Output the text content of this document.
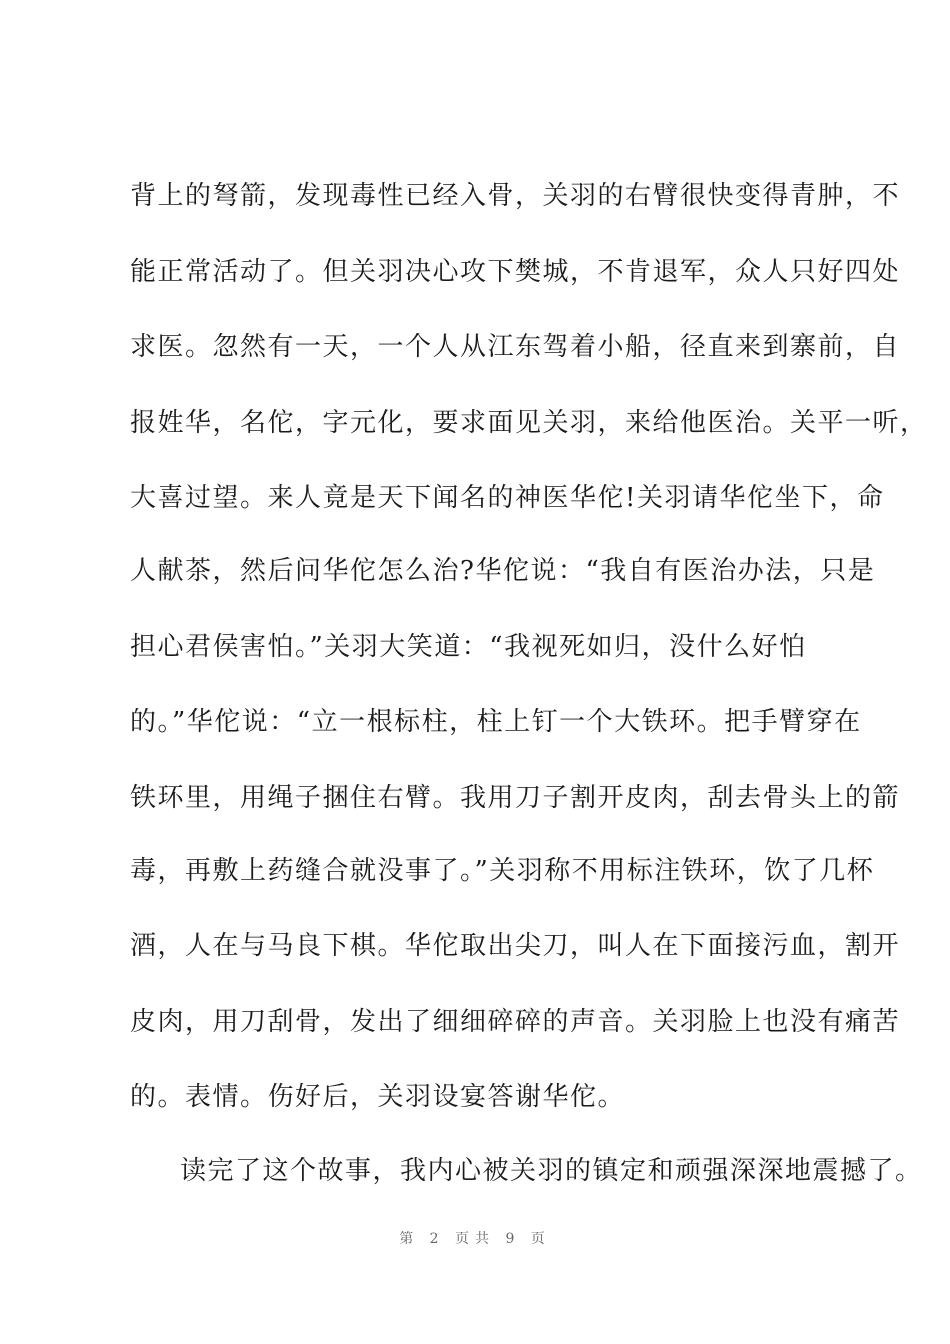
背上的弩箭，发现毒性已经入骨，关羽的右臂很快变得青肿，不
能正常活动了。但关羽决心攻下樊城，不肯退军，众人只好四处
求医。忽然有一天，一个人从江东驾着小船，径直来到寨前，自
报姓华，名佗，字元化，要求面见关羽，来给他医治。关平一听，
大喜过望。来人竟是天下闻名的神医华佗!关羽请华佗坐下，命
人献茶，然后问华佗怎么治?华佗说：“我自有医治办法，只是
担心君侯害怕。”关羽大笑道：“我视死如归，没什么好怕
的。”华佗说：“立一根标柱，柱上钉一个大铁环。把手臂穿在
铁环里，用绳子捆住右臂。我用刀子割开皮肉，刮去骨头上的箭
毒，再敷上药缝合就没事了。”关羽称不用标注铁环，饮了几杯
酒，人在与马良下棋。华佗取出尖刀，叫人在下面接污血，割开
皮肉，用刀刮骨，发出了细细碎碎的声音。关羽脸上也没有痛苦
的。表情。伤好后，关羽设宴答谢华佗。
读完了这个故事，我内心被关羽的镇定和顽强深深地震撼了。
第 2 页共 9 页
